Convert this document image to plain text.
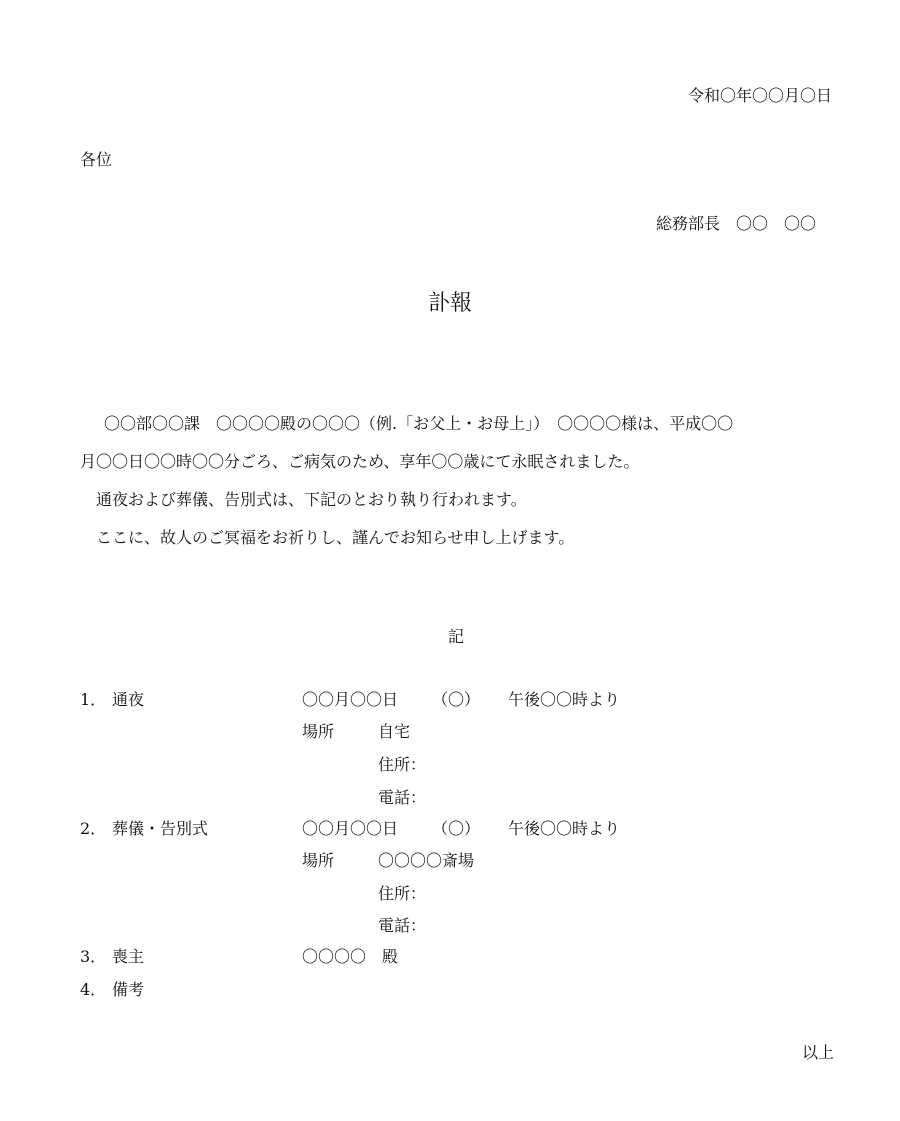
令和〇年〇〇月〇日
各位
総務部長　〇〇　〇〇
訃報
〇〇部〇〇課　〇〇〇〇殿の〇〇〇（例.「お父上・お母上」）　〇〇〇〇様は、平成〇〇
月〇〇日〇〇時〇〇分ごろ、ご病気のため、享年〇〇歳にて永眠されました。
通夜および葬儀、告別式は、下記のとおり執り行われます。
ここに、故人のご冥福をお祈りし、謹んでお知らせ申し上げます。
記
1． 通夜	〇〇月〇〇日 （〇） 午後〇〇時より
場所	自宅
住所：
電話：
2． 葬儀・告別式	〇〇月〇〇日 （〇） 午後〇〇時より
場所	〇〇〇〇斎場
住所：
電話：
3． 喪主	〇〇〇〇　殿
4． 備考
以上
